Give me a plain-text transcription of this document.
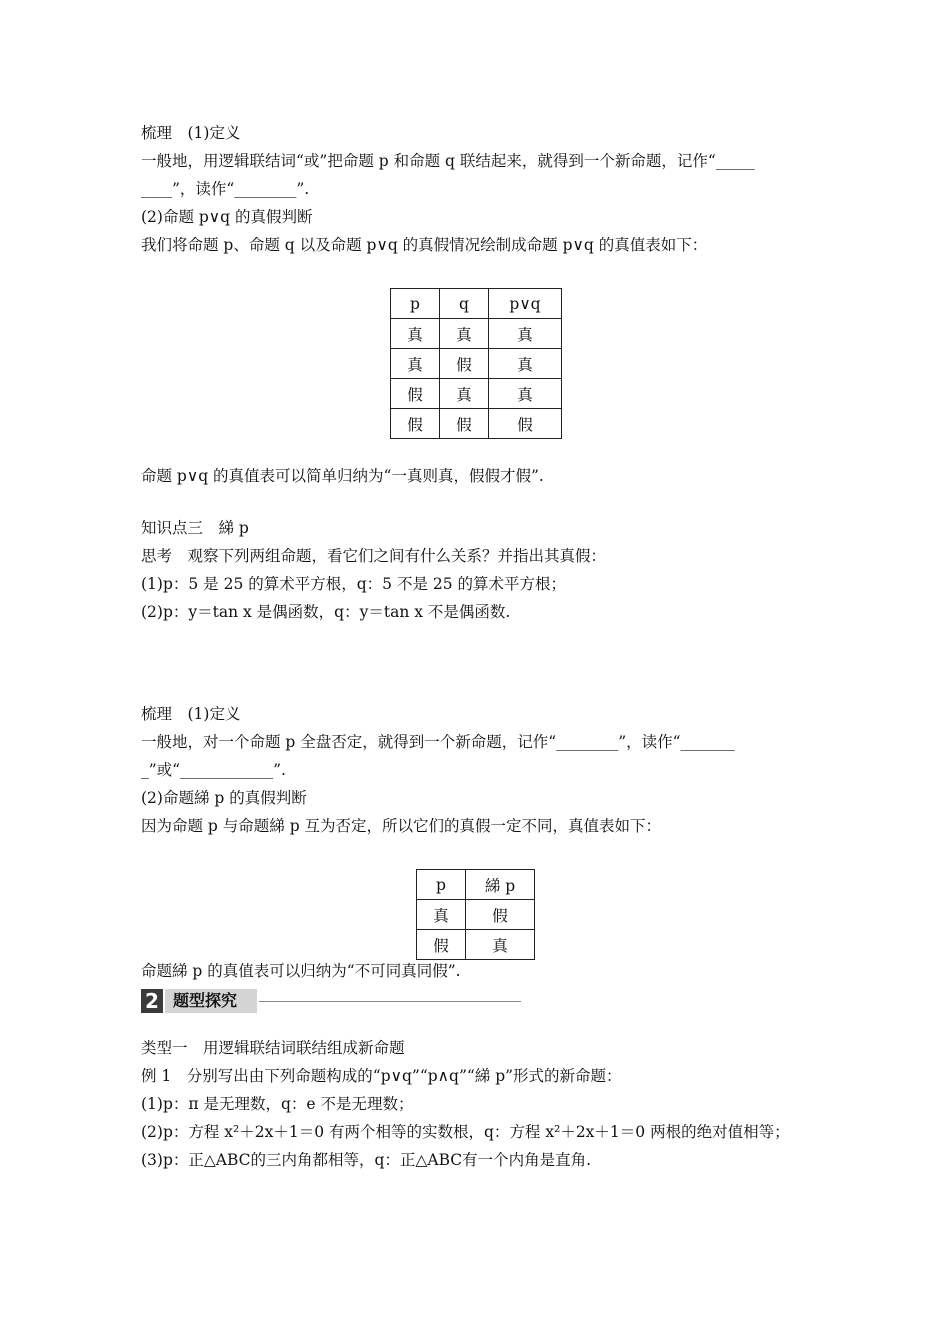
梳理　(1)定义
一般地，用逻辑联结词“或”把命题 p 和命题 q 联结起来，就得到一个新命题，记作“_____
____”，读作“________”.
(2)命题 p∨q 的真假判断
我们将命题 p、命题 q 以及命题 p∨q 的真假情况绘制成命题 p∨q 的真值表如下：
p	q	p∨q
真	真	真
真	假	真
假	真	真
假	假	假
命题 p∨q 的真值表可以简单归纳为“一真则真，假假才假”.
知识点三　綈 p
思考　观察下列两组命题，看它们之间有什么关系？并指出其真假：
(1)p：5 是 25 的算术平方根，q：5 不是 25 的算术平方根；
(2)p：y＝tan x 是偶函数，q：y＝tan x 不是偶函数.
梳理　(1)定义
一般地，对一个命题 p 全盘否定，就得到一个新命题，记作“________”，读作“_______
_”或“____________”.
(2)命题綈 p 的真假判断
因为命题 p 与命题綈 p 互为否定，所以它们的真假一定不同，真值表如下：
p	綈 p
真	假
假	真
命题綈 p 的真值表可以归纳为“不可同真同假”.
2 题型探究
类型一　用逻辑联结词联结组成新命题
例 1　分别写出由下列命题构成的“p∨q”“p∧q”“綈 p”形式的新命题：
(1)p：π 是无理数，q：e 不是无理数；
(2)p：方程 x²＋2x＋1＝0 有两个相等的实数根，q：方程 x²＋2x＋1＝0 两根的绝对值相等；
(3)p：正△ABC的三内角都相等，q：正△ABC有一个内角是直角.
